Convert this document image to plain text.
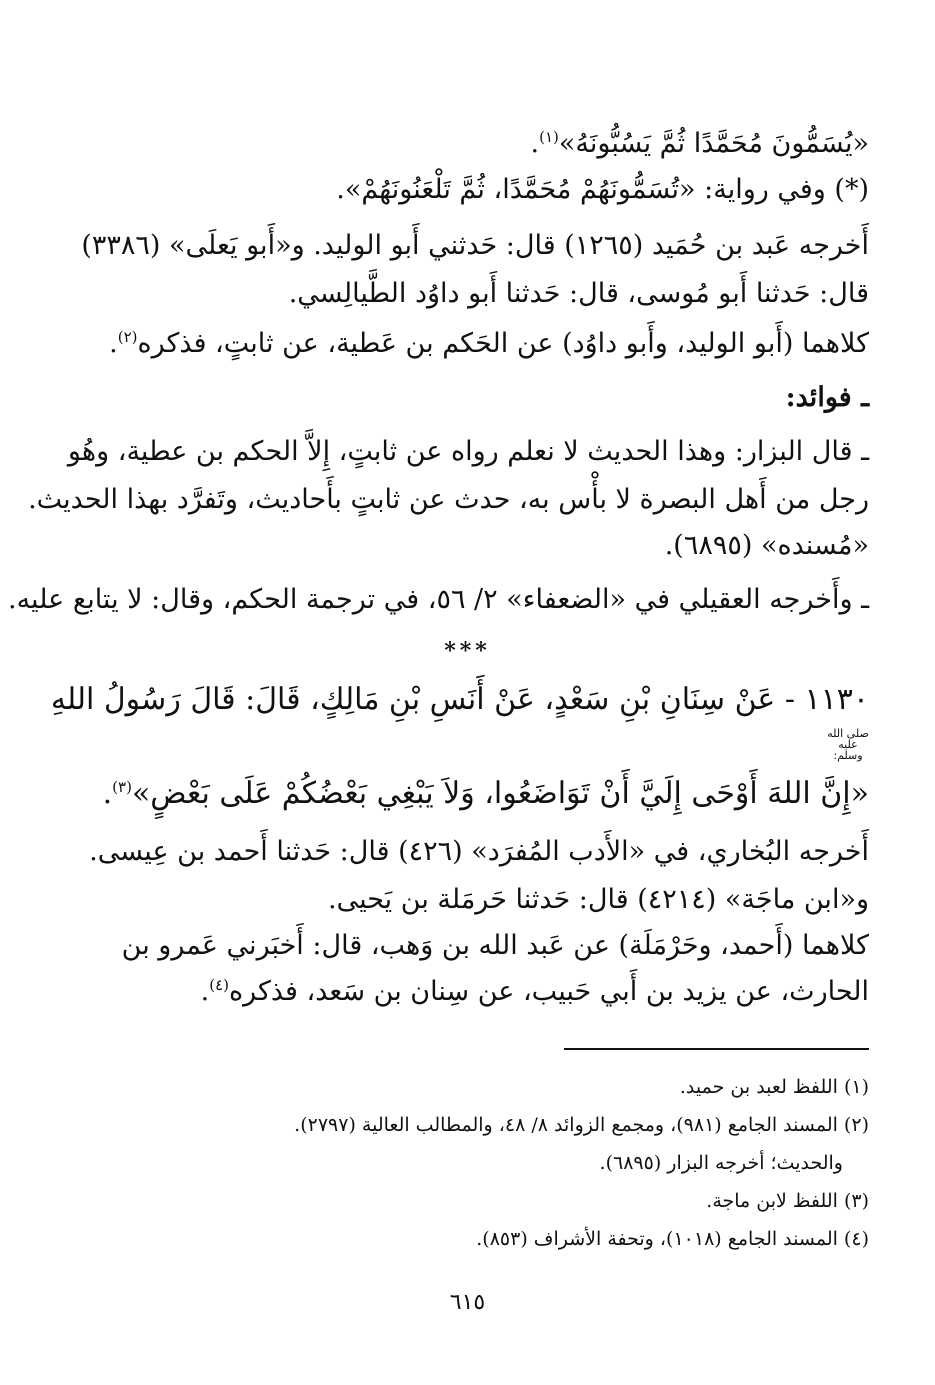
«يُسَمُّونَ مُحَمَّدًا ثُمَّ يَسُبُّونَهُ»$^{(١)}$.
(*) وفي رواية: «تُسَمُّونَهُمْ مُحَمَّدًا، ثُمَّ تَلْعَنُونَهُمْ».
أَخرجه عَبد بن حُمَيد (١٢٦٥) قال: حَدثني أَبو الوليد. و«أَبو يَعلَى» (٣٣٨٦)
قال: حَدثنا أَبو مُوسى، قال: حَدثنا أَبو داوُد الطَّيالِسي.
كلاهما (أَبو الوليد، وأَبو داوُد) عن الحَكم بن عَطية، عن ثابتٍ، فذكره$^{(٢)}$.
ـ فوائد:
ـ قال البزار: وهذا الحديث لا نعلم رواه عن ثابتٍ، إِلاَّ الحكم بن عطية، وهُو
رجل من أَهل البصرة لا بأْس به، حدث عن ثابتٍ بأَحاديث، وتَفرَّد بهذا الحديث.
«مُسنده» (٦٨٩٥).
ـ وأَخرجه العقيلي في «الضعفاء» ٢/ ٥٦، في ترجمة الحكم، وقال: لا يتابع عليه.
***
١١٣٠ - عَنْ سِنَانِ بْنِ سَعْدٍ، عَنْ أَنَسِ بْنِ مَالِكٍ، قَالَ: قَالَ رَسُولُ اللهِ
صلى الله عليه وسلم:
«إِنَّ اللهَ أَوْحَى إِلَيَّ أَنْ تَوَاضَعُوا، وَلاَ يَبْغِي بَعْضُكُمْ عَلَى بَعْضٍ»$^{(٣)}$.
أَخرجه البُخاري، في «الأَدب المُفرَد» (٤٢٦) قال: حَدثنا أَحمد بن عِيسى.
و«ابن ماجَة» (٤٢١٤) قال: حَدثنا حَرمَلة بن يَحيى.
كلاهما (أَحمد، وحَرْمَلَة) عن عَبد الله بن وَهب، قال: أَخبَرني عَمرو بن
الحارث، عن يزيد بن أَبي حَبيب، عن سِنان بن سَعد، فذكره$^{(٤)}$.
(١) اللفظ لعبد بن حميد.
(٢) المسند الجامع (٩٨١)، ومجمع الزوائد ٨/ ٤٨، والمطالب العالية (٢٧٩٧).
والحديث؛ أخرجه البزار (٦٨٩٥).
(٣) اللفظ لابن ماجة.
(٤) المسند الجامع (١٠١٨)، وتحفة الأشراف (٨٥٣).
٦١٥
